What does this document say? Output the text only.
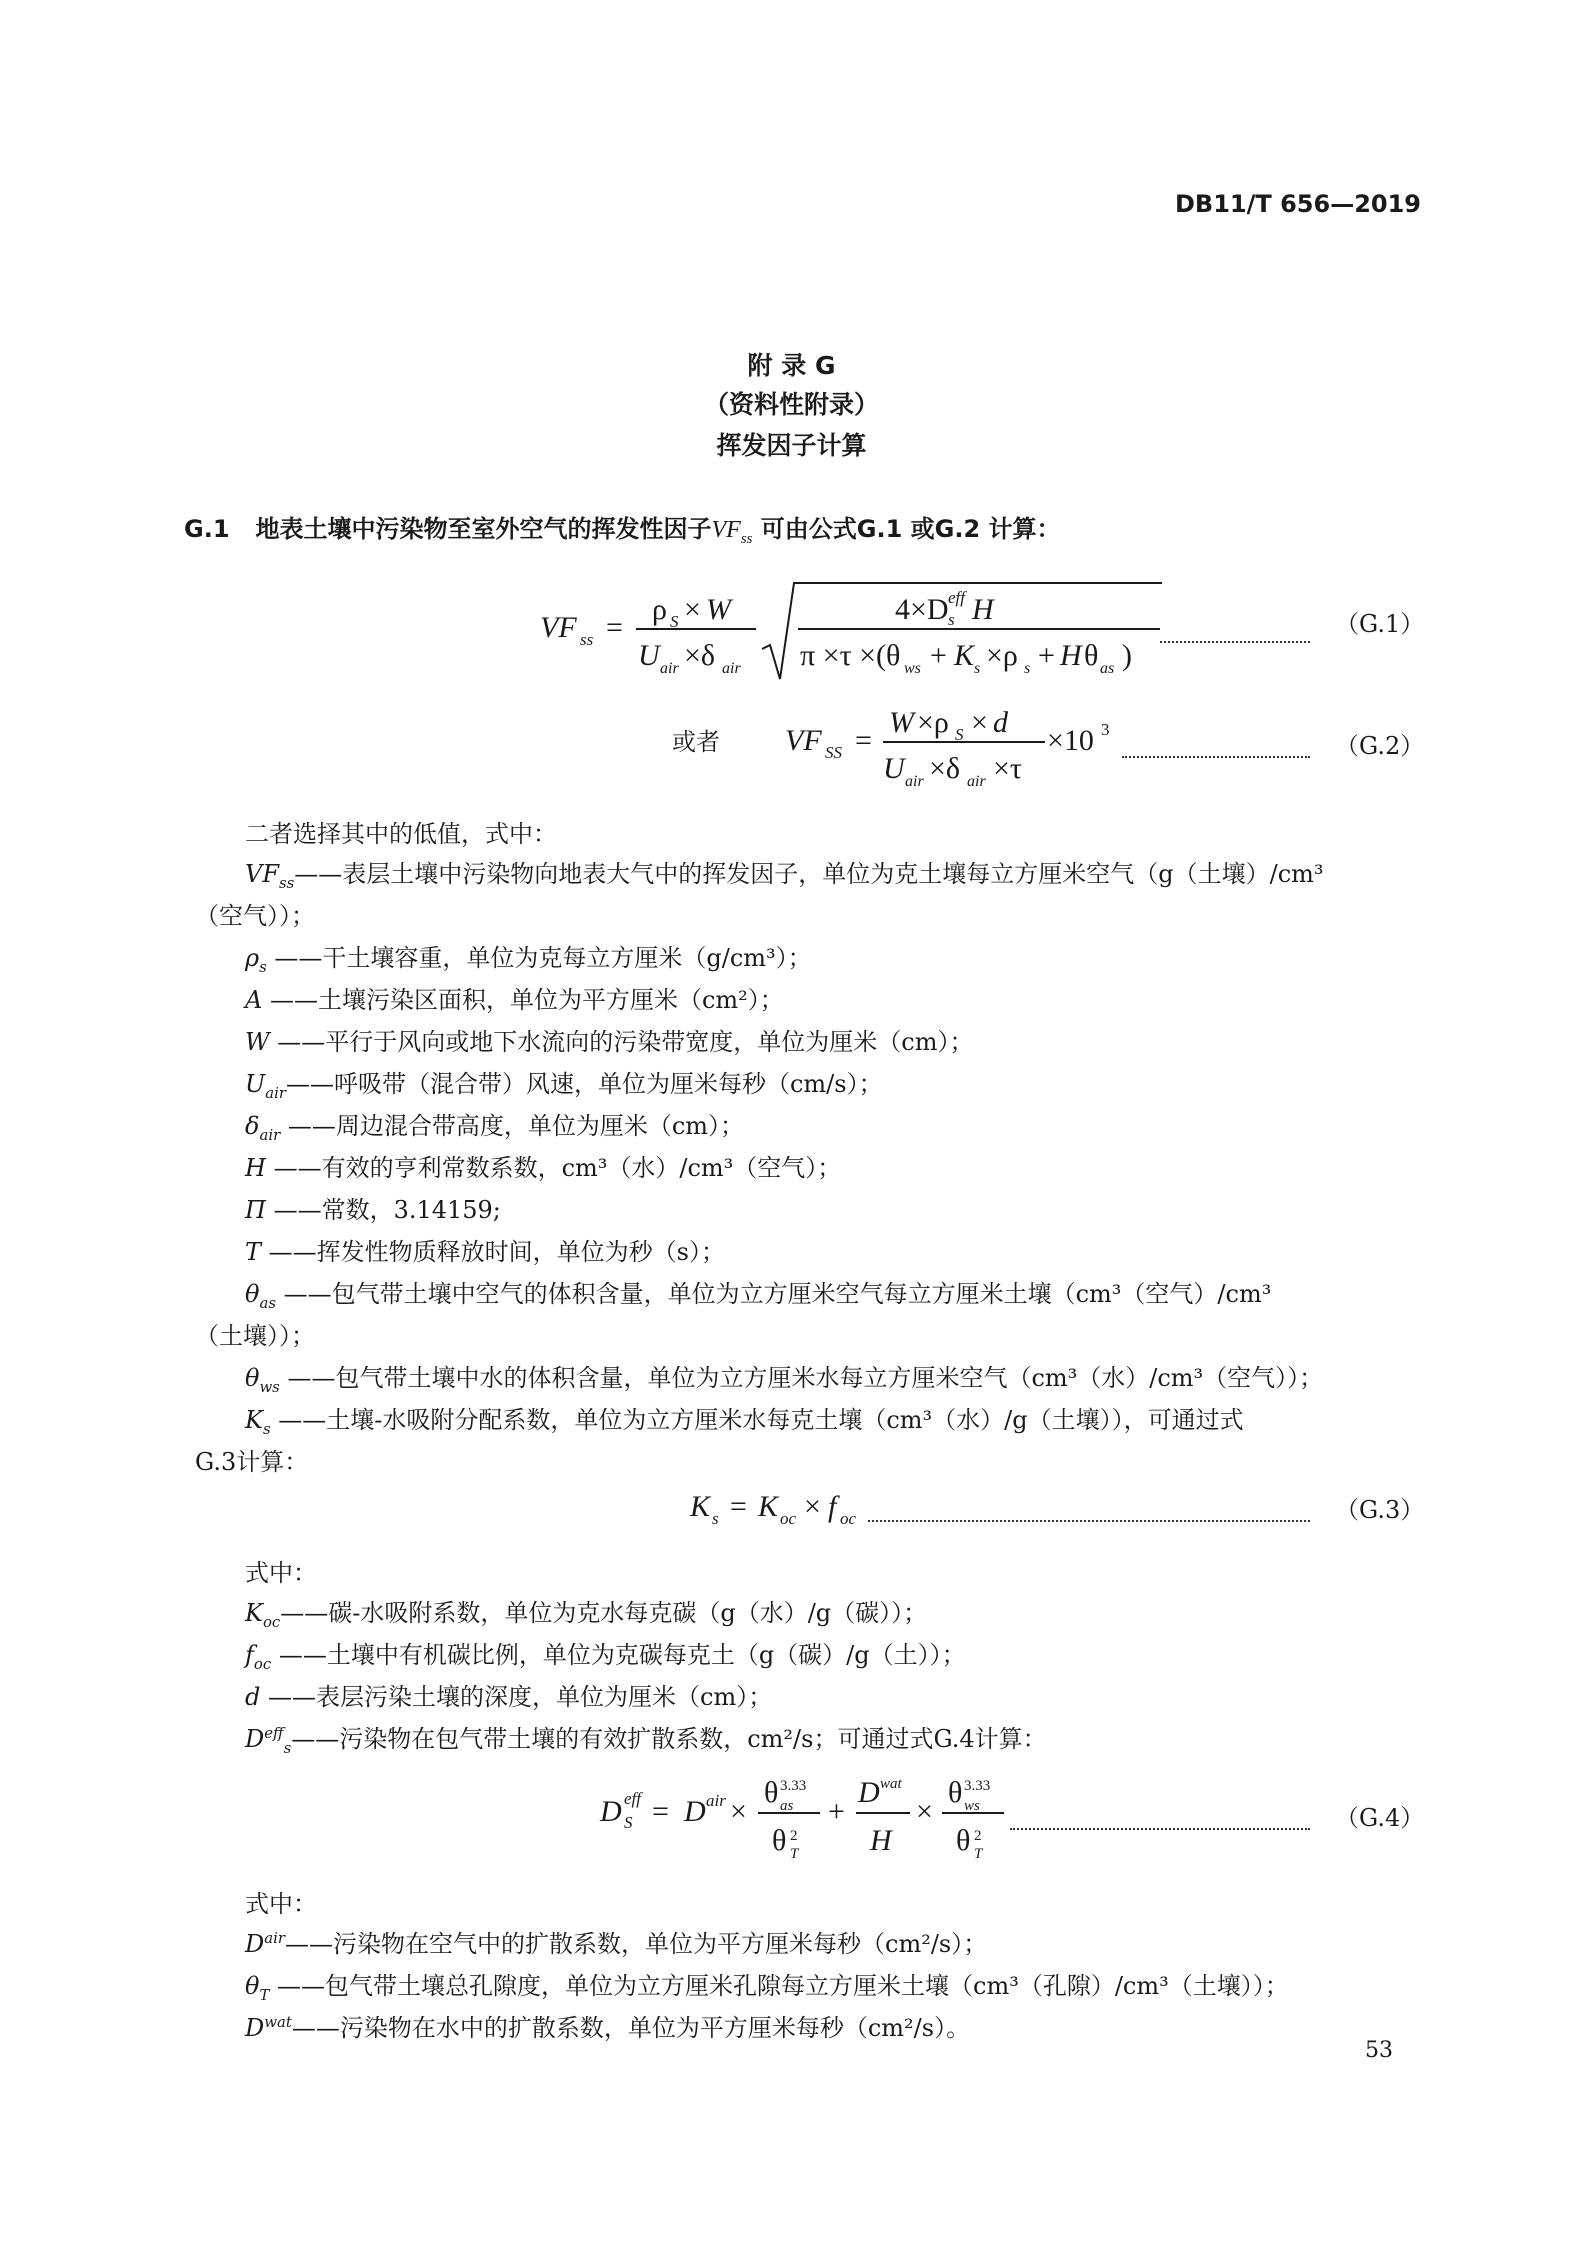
DB11/T 656—2019
附 录 G
（资料性附录）
挥发因子计算
G.1 地表土壤中污染物至室外空气的挥发性因子$VF_{ss}$ 可由公式G.1 或G.2 计算：
VF ss =
ρ S × W
U air ×δ air
4×D eff
s H
π ×τ ×(θ ws + K s ×ρ s + H θ as )
（G.1）
或者 VF SS =
W ×ρ S × d
U air ×δ air ×τ
×10 3
（G.2）
二者选择其中的低值，式中：
$VF_{ss}——$表层土壤中污染物向地表大气中的挥发因子，单位为克土壤每立方厘米空气（g（土壤）/cm³
（空气））；
$\rho_s$ ——干土壤容重，单位为克每立方厘米（g/cm³）；
A ——土壤污染区面积，单位为平方厘米（cm²）；
W ——平行于风向或地下水流向的污染带宽度，单位为厘米（cm）；
$U_{air}——$呼吸带（混合带）风速，单位为厘米每秒（cm/s）；
$\delta_{air}$ ——周边混合带高度，单位为厘米（cm）；
H ——有效的亨利常数系数，cm³（水）/cm³（空气）；
Π ——常数，3.14159;
T ——挥发性物质释放时间，单位为秒（s）；
$\theta_{as}$ ——包气带土壤中空气的体积含量，单位为立方厘米空气每立方厘米土壤（cm³（空气）/cm³
（土壤））；
$\theta_{ws}$ ——包气带土壤中水的体积含量，单位为立方厘米水每立方厘米空气（cm³（水）/cm³（空气））；
$K_s$ ——土壤-水吸附分配系数，单位为立方厘米水每克土壤（cm³（水）/g（土壤）），可通过式
G.3计算：
K s = K oc × f oc	（G.3）
式中：
$K_{oc}——$碳-水吸附系数，单位为克水每克碳（g（水）/g（碳））；
$f_{oc}$ ——土壤中有机碳比例，单位为克碳每克土（g（碳）/g（土））；
d ——表层污染土壤的深度，单位为厘米（cm）；
$D^{eff}_s——$污染物在包气带土壤的有效扩散系数，cm²/s；可通过式G.4计算：
D eff
S = D air ×
θ 3.33
as
θ 2
T
+
D wat
H
×
θ 3.33
ws
θ 2
T
（G.4）
式中：
$D^{air}——$污染物在空气中的扩散系数，单位为平方厘米每秒（cm²/s）；
$\theta_T$ ——包气带土壤总孔隙度，单位为立方厘米孔隙每立方厘米土壤（cm³（孔隙）/cm³（土壤））；
$D^{wat}——$污染物在水中的扩散系数，单位为平方厘米每秒（cm²/s）。
53
